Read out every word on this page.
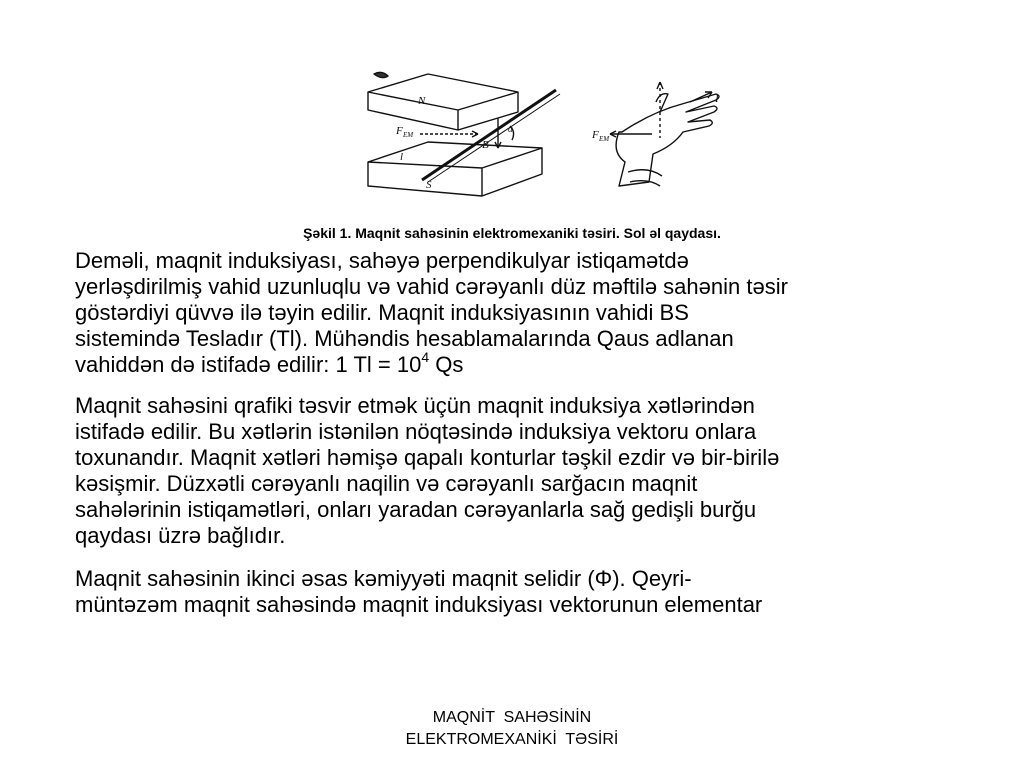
N
S
F EM
B
α
l
I
F EM
Şəkil 1. Maqnit sahəsinin elektromexaniki təsiri. Sol əl qaydası.
Deməli, maqnit induksiyası, sahəyə perpendikulyar istiqamətdə
yerləşdirilmiş vahid uzunluqlu və vahid cərəyanlı düz məftilə sahənin təsir
göstərdiyi qüvvə ilə təyin edilir. Maqnit induksiyasının vahidi BS
sistemində Tesladır (Tl). Mühəndis hesablamalarında Qaus adlanan
vahiddən də istifadə edilir: 1 $Tl = 10^4$ Qs
Maqnit sahəsini qrafiki təsvir etmək üçün maqnit induksiya xətlərindən
istifadə edilir. Bu xətlərin istənilən nöqtəsində induksiya vektoru onlara
toxunandır. Maqnit xətləri həmişə qapalı konturlar təşkil ezdir və bir-birilə
kəsişmir. Düzxətli cərəyanlı naqilin və cərəyanlı sarğacın maqnit
sahələrinin istiqamətləri, onları yaradan cərəyanlarla sağ gedişli burğu
qaydası üzrə bağlıdır.
Maqnit sahəsinin ikinci əsas kəmiyyəti maqnit selidir (Φ). Qeyri-
müntəzəm maqnit sahəsində maqnit induksiyası vektorunun elementar
MAQNİT  SAHƏSİNİN
ELEKTROMEXANİKİ  TƏSİRİ
